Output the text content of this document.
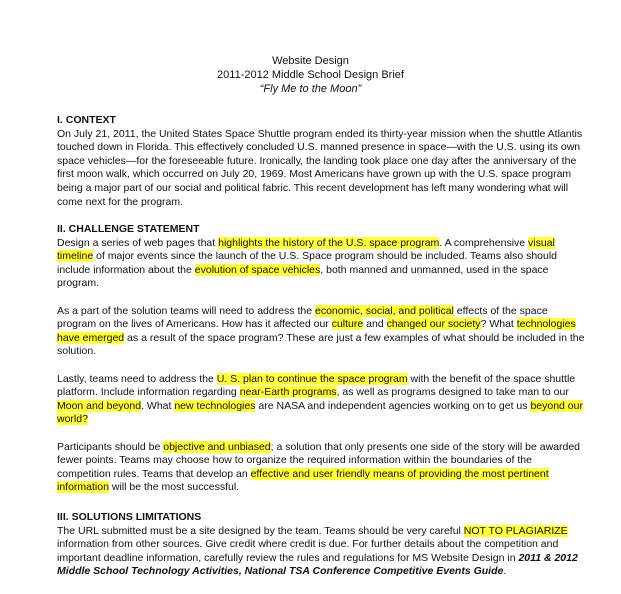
Website Design
2011-2012 Middle School Design Brief
“Fly Me to the Moon”
I. CONTEXT

On July 21, 2011, the United States Space Shuttle program ended its thirty-year mission when the shuttle Atlantis touched down in Florida. This effectively concluded U.S. manned presence in space—with the U.S. using its own space vehicles—for the foreseeable future. Ironically, the landing took place one day after the anniversary of the first moon walk, which occurred on July 20, 1969. Most Americans have grown up with the U.S. space program being a major part of our social and political fabric. This recent development has left many wondering what will come next for the program.

II. CHALLENGE STATEMENT

Design a series of web pages that highlights the history of the U.S. space program. A comprehensive visual timeline of major events since the launch of the U.S. Space program should be included. Teams also should include information about the evolution of space vehicles, both manned and unmanned, used in the space program.

As a part of the solution teams will need to address the economic, social, and political effects of the space program on the lives of Americans. How has it affected our culture and changed our society? What technologies have emerged as a result of the space program? These are just a few examples of what should be included in the solution.

Lastly, teams need to address the U. S. plan to continue the space program with the benefit of the space shuttle platform. Include information regarding near-Earth programs, as well as programs designed to take man to our Moon and beyond. What new technologies are NASA and independent agencies working on to get us beyond our world?

Participants should be objective and unbiased; a solution that only presents one side of the story will be awarded fewer points. Teams may choose how to organize the required information within the boundaries of the competition rules. Teams that develop an effective and user friendly means of providing the most pertinent information will be the most successful.

III. SOLUTIONS LIMITATIONS

The URL submitted must be a site designed by the team. Teams should be very careful NOT TO PLAGIARIZE information from other sources. Give credit where credit is due. For further details about the competition and important deadline information, carefully review the rules and regulations for MS Website Design in 2011 & 2012 Middle School Technology Activities, National TSA Conference Competitive Events Guide.
